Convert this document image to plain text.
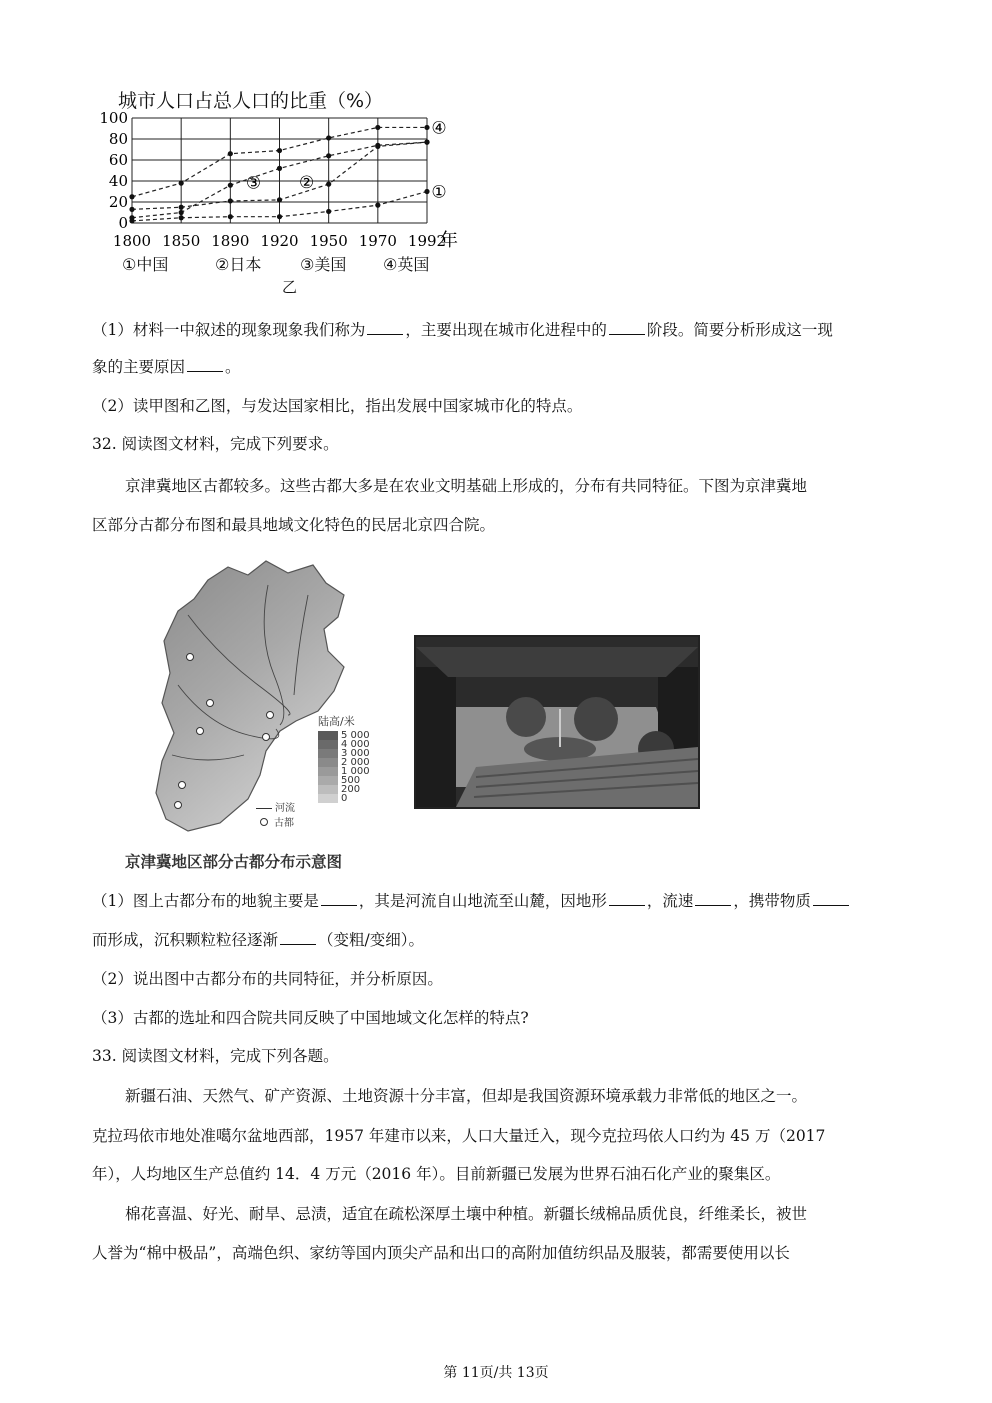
城市人口占总人口的比重（%）
0
20
40
60
80
100
1800 1850 1890 1920 1950 1970 1992
①
②
③
④
年
①中国	②日本 ③美国 ④英国
乙
（1）材料一中叙述的现象现象我们称为	，主要出现在城市化进程中的	阶段。简要分析形成这一现
象的主要原因	。
（2）读甲图和乙图，与发达国家相比，指出发展中国家城市化的特点。
32. 阅读图文材料，完成下列要求。
京津冀地区古都较多。这些古都大多是在农业文明基础上形成的，分布有共同特征。下图为京津冀地
区部分古都分布图和最具地域文化特色的民居北京四合院。
陆高/米
5 000
4 000
3 000
2 000
1 000
500
200
0
河流
古都
京津冀地区部分古都分布示意图
（1）图上古都分布的地貌主要是	，其是河流自山地流至山麓，因地形	，流速	，携带物质
而形成，沉积颗粒粒径逐渐	（变粗/变细）。
（2）说出图中古都分布的共同特征，并分析原因。
（3）古都的选址和四合院共同反映了中国地域文化怎样的特点?
33. 阅读图文材料，完成下列各题。
新疆石油、天然气、矿产资源、土地资源十分丰富，但却是我国资源环境承载力非常低的地区之一。
克拉玛依市地处准噶尔盆地西部，1957 年建市以来，人口大量迁入，现今克拉玛依人口约为 45 万（2017
年），人均地区生产总值约 14．4 万元（2016 年）。目前新疆已发展为世界石油石化产业的聚集区。
棉花喜温、好光、耐旱、忌渍，适宜在疏松深厚土壤中种植。新疆长绒棉品质优良，纤维柔长，被世
人誉为“棉中极品”，高端色织、家纺等国内顶尖产品和出口的高附加值纺织品及服装，都需要使用以长
第 11页/共 13页
